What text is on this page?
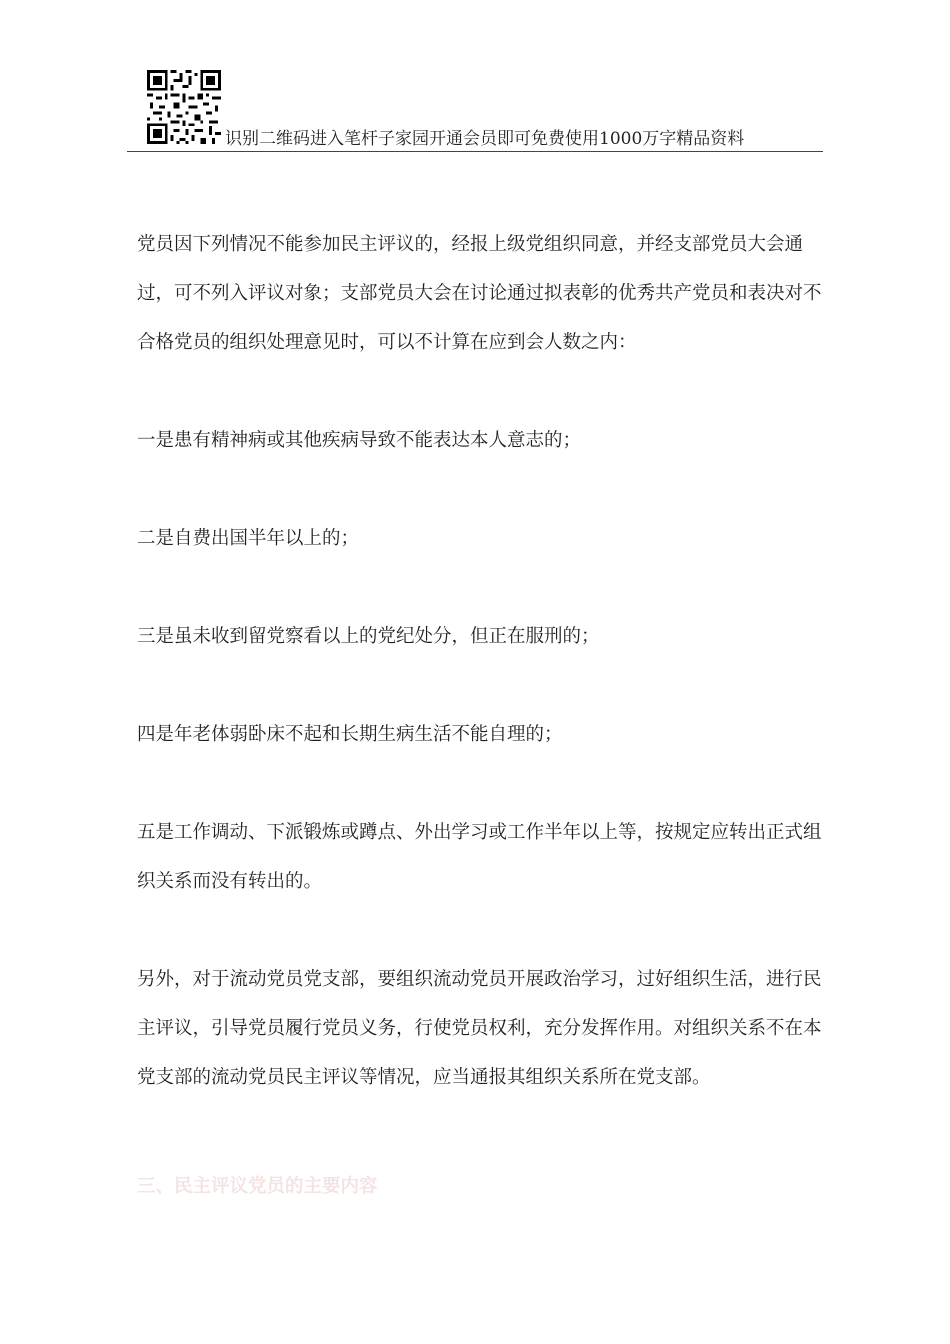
识别二维码进入笔杆子家园开通会员即可免费使用1000万字精品资料

党员因下列情况不能参加民主评议的，经报上级党组织同意，并经支部党员大会通过，可不列入评议对象；支部党员大会在讨论通过拟表彰的优秀共产党员和表决对不合格党员的组织处理意见时，可以不计算在应到会人数之内：

一是患有精神病或其他疾病导致不能表达本人意志的；

二是自费出国半年以上的；

三是虽未收到留党察看以上的党纪处分，但正在服刑的；

四是年老体弱卧床不起和长期生病生活不能自理的；

五是工作调动、下派锻炼或蹲点、外出学习或工作半年以上等，按规定应转出正式组织关系而没有转出的。

另外，对于流动党员党支部，要组织流动党员开展政治学习，过好组织生活，进行民主评议，引导党员履行党员义务，行使党员权利，充分发挥作用。对组织关系不在本党支部的流动党员民主评议等情况，应当通报其组织关系所在党支部。

三、民主评议党员的主要内容
